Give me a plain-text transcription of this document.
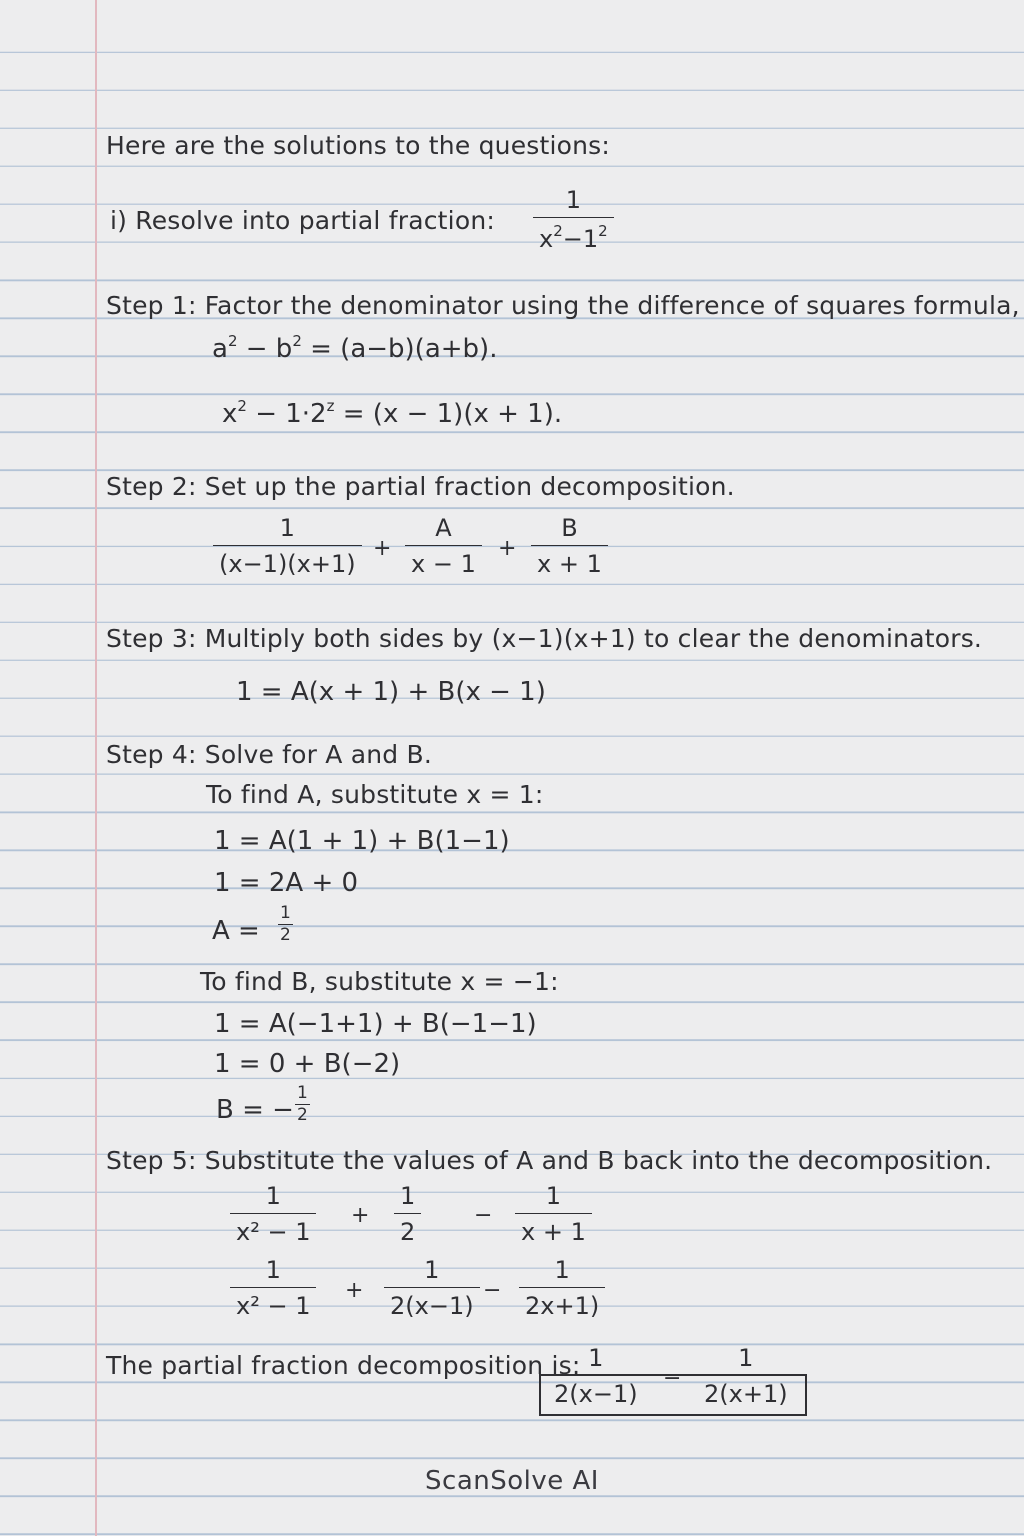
Here are the solutions to the questions:
i) Resolve into partial fraction: $\frac{1}{x^2-1^2}$
Step 1: Factor the denominator using the difference of squares formula,
$a^2 - b^2 = (a-b)(a+b)$.
$x^2 - 1\cdot 2^z = (x - 1)(x + 1)$.
Step 2: Set up the partial fraction decomposition.
$\frac{1}{(x-1)(x+1)} + \frac{A}{x - 1} + \frac{B}{x + 1}$
Step 3: Multiply both sides by (x−1)(x+1) to clear the denominators.
1 = A(x + 1) + B(x − 1)
Step 4: Solve for A and B.
To find A, substitute x = 1:
1 = A(1 + 1) + B(1−1)
1 = 2A + 0
$A = \frac{1}{2}$
To find B, substitute x = −1:
1 = A(−1+1) + B(−1−1)
1 = 0 + B(−2)
B = − $\frac{1}{2}$
Step 5: Substitute the values of A and B back into the decomposition.
$\frac{1}{\text{x² − 1}} + \frac{1}{2} - \frac{1}{x + 1}$
$\frac{1}{\text{x² − 1}} + \frac{1}{2(x-1)} - \frac{1}{2x+1)}$
The partial fraction decomposition is:
$\frac{1}{2(x-1)} - \frac{1}{2(x+1)}$
ScanSolve AI
